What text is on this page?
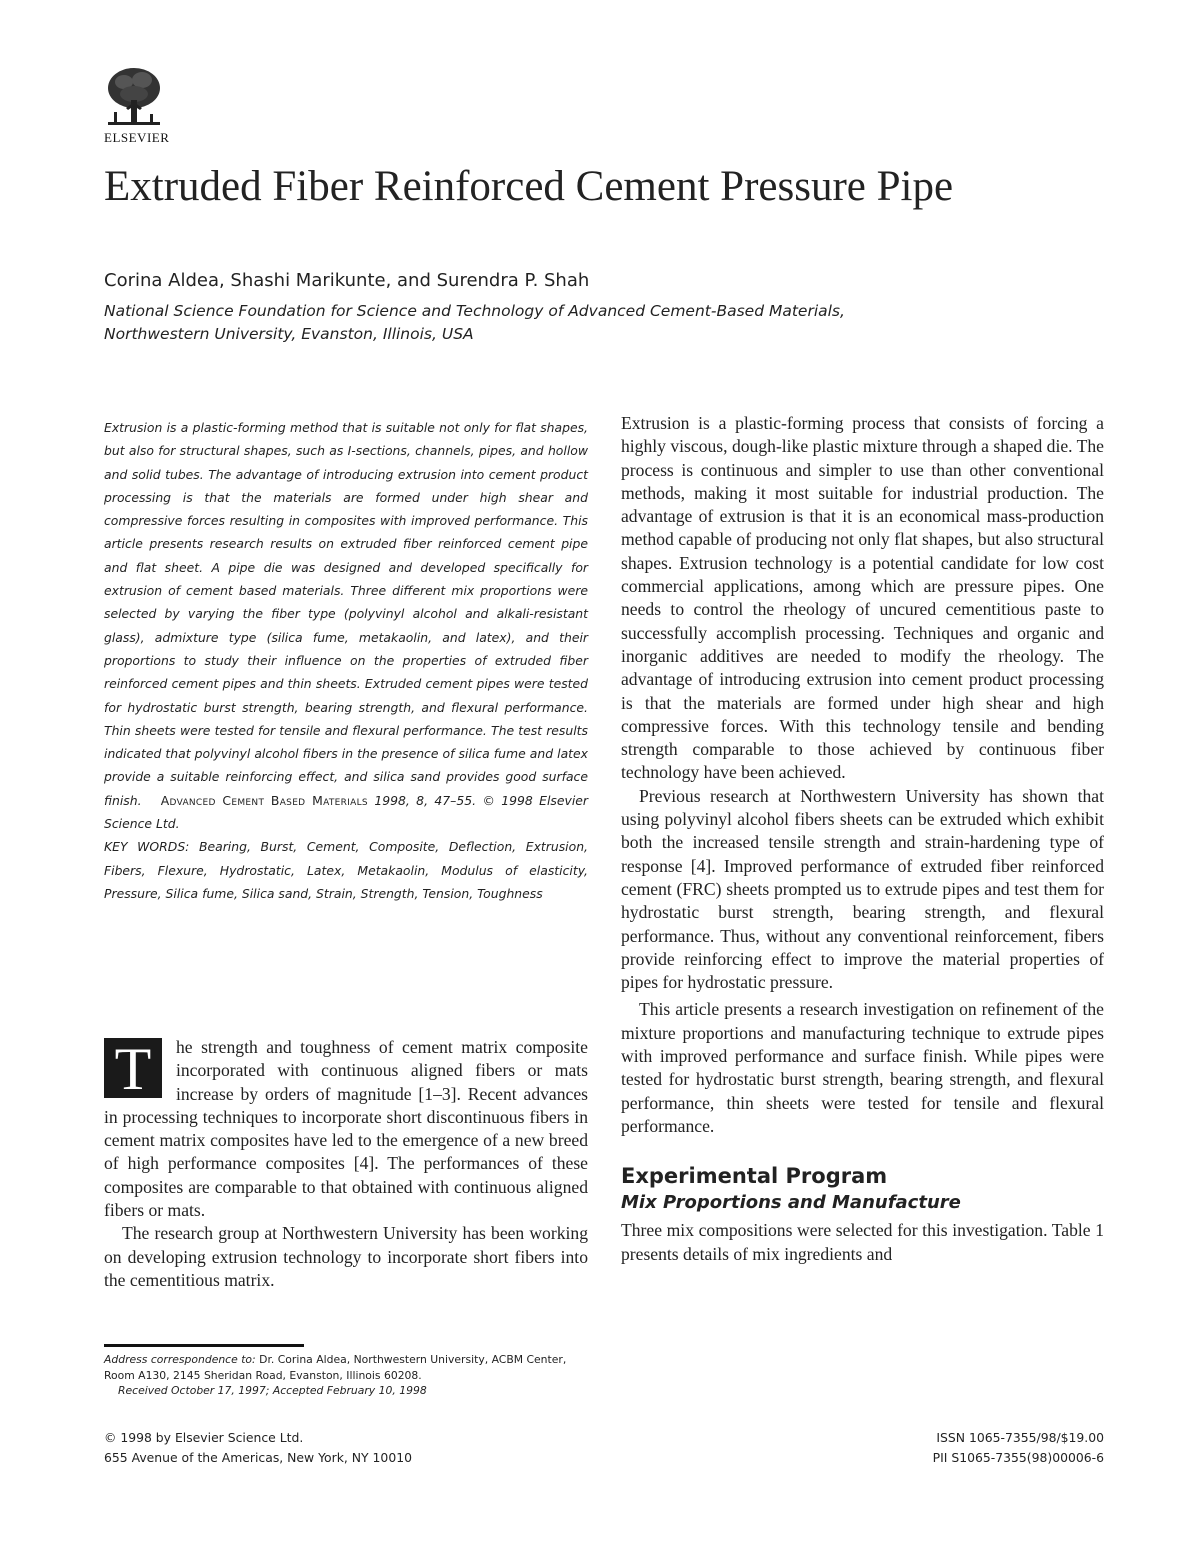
ELSEVIER
Extruded Fiber Reinforced Cement Pressure Pipe
Corina Aldea, Shashi Marikunte, and Surendra P. Shah
National Science Foundation for Science and Technology of Advanced Cement-Based Materials, Northwestern University, Evanston, Illinois, USA

Extrusion is a plastic-forming method that is suitable not only for flat shapes, but also for structural shapes, such as I-sections, channels, pipes, and hollow and solid tubes. The advantage of introducing extrusion into cement product processing is that the materials are formed under high shear and compressive forces resulting in composites with improved performance. This article presents research results on extruded fiber reinforced cement pipe and flat sheet. A pipe die was designed and developed specifically for extrusion of cement based materials. Three different mix proportions were selected by varying the fiber type (polyvinyl alcohol and alkali-resistant glass), admixture type (silica fume, metakaolin, and latex), and their proportions to study their influence on the properties of extruded fiber reinforced cement pipes and thin sheets. Extruded cement pipes were tested for hydrostatic burst strength, bearing strength, and flexural performance. Thin sheets were tested for tensile and flexural performance. The test results indicated that polyvinyl alcohol fibers in the presence of silica fume and latex provide a suitable reinforcing effect, and silica sand provides good surface finish. Advanced Cement Based Materials 1998, 8, 47–55. © 1998 Elsevier Science Ltd.

KEY WORDS: Bearing, Burst, Cement, Composite, Deflection, Extrusion, Fibers, Flexure, Hydrostatic, Latex, Metakaolin, Modulus of elasticity, Pressure, Silica fume, Silica sand, Strain, Strength, Tension, Toughness

T	he strength and toughness of cement matrix composite incorporated with continuous aligned fibers or mats increase by orders of magnitude [1–3]. Recent advances in processing techniques to incorporate short discontinuous fibers in cement matrix composites have led to the emergence of a new breed of high performance composites [4]. The performances of these composites are comparable to that obtained with continuous aligned fibers or mats.

The research group at Northwestern University has been working on developing extrusion technology to incorporate short fibers into the cementitious matrix.

Address correspondence to: Dr. Corina Aldea, Northwestern University, ACBM Center, Room A130, 2145 Sheridan Road, Evanston, Illinois 60208.
Received October 17, 1997; Accepted February 10, 1998
© 1998 by Elsevier Science Ltd.
655 Avenue of the Americas, New York, NY 10010
ISSN 1065-7355/98/$19.00
PII S1065-7355(98)00006-6

Extrusion is a plastic-forming process that consists of forcing a highly viscous, dough-like plastic mixture through a shaped die. The process is continuous and simpler to use than other conventional methods, making it most suitable for industrial production. The advantage of extrusion is that it is an economical mass-production method capable of producing not only flat shapes, but also structural shapes. Extrusion technology is a potential candidate for low cost commercial applications, among which are pressure pipes. One needs to control the rheology of uncured cementitious paste to successfully accomplish processing. Techniques and organic and inorganic additives are needed to modify the rheology. The advantage of introducing extrusion into cement product processing is that the materials are formed under high shear and high compressive forces. With this technology tensile and bending strength comparable to those achieved by continuous fiber technology have been achieved.

Previous research at Northwestern University has shown that using polyvinyl alcohol fibers sheets can be extruded which exhibit both the increased tensile strength and strain-hardening type of response [4]. Improved performance of extruded fiber reinforced cement (FRC) sheets prompted us to extrude pipes and test them for hydrostatic burst strength, bearing strength, and flexural performance. Thus, without any conventional reinforcement, fibers provide reinforcing effect to improve the material properties of pipes for hydrostatic pressure.

This article presents a research investigation on refinement of the mixture proportions and manufacturing technique to extrude pipes with improved performance and surface finish. While pipes were tested for hydrostatic burst strength, bearing strength, and flexural performance, thin sheets were tested for tensile and flexural performance.

Experimental Program
Mix Proportions and Manufacture

Three mix compositions were selected for this investigation. Table 1 presents details of mix ingredients and
